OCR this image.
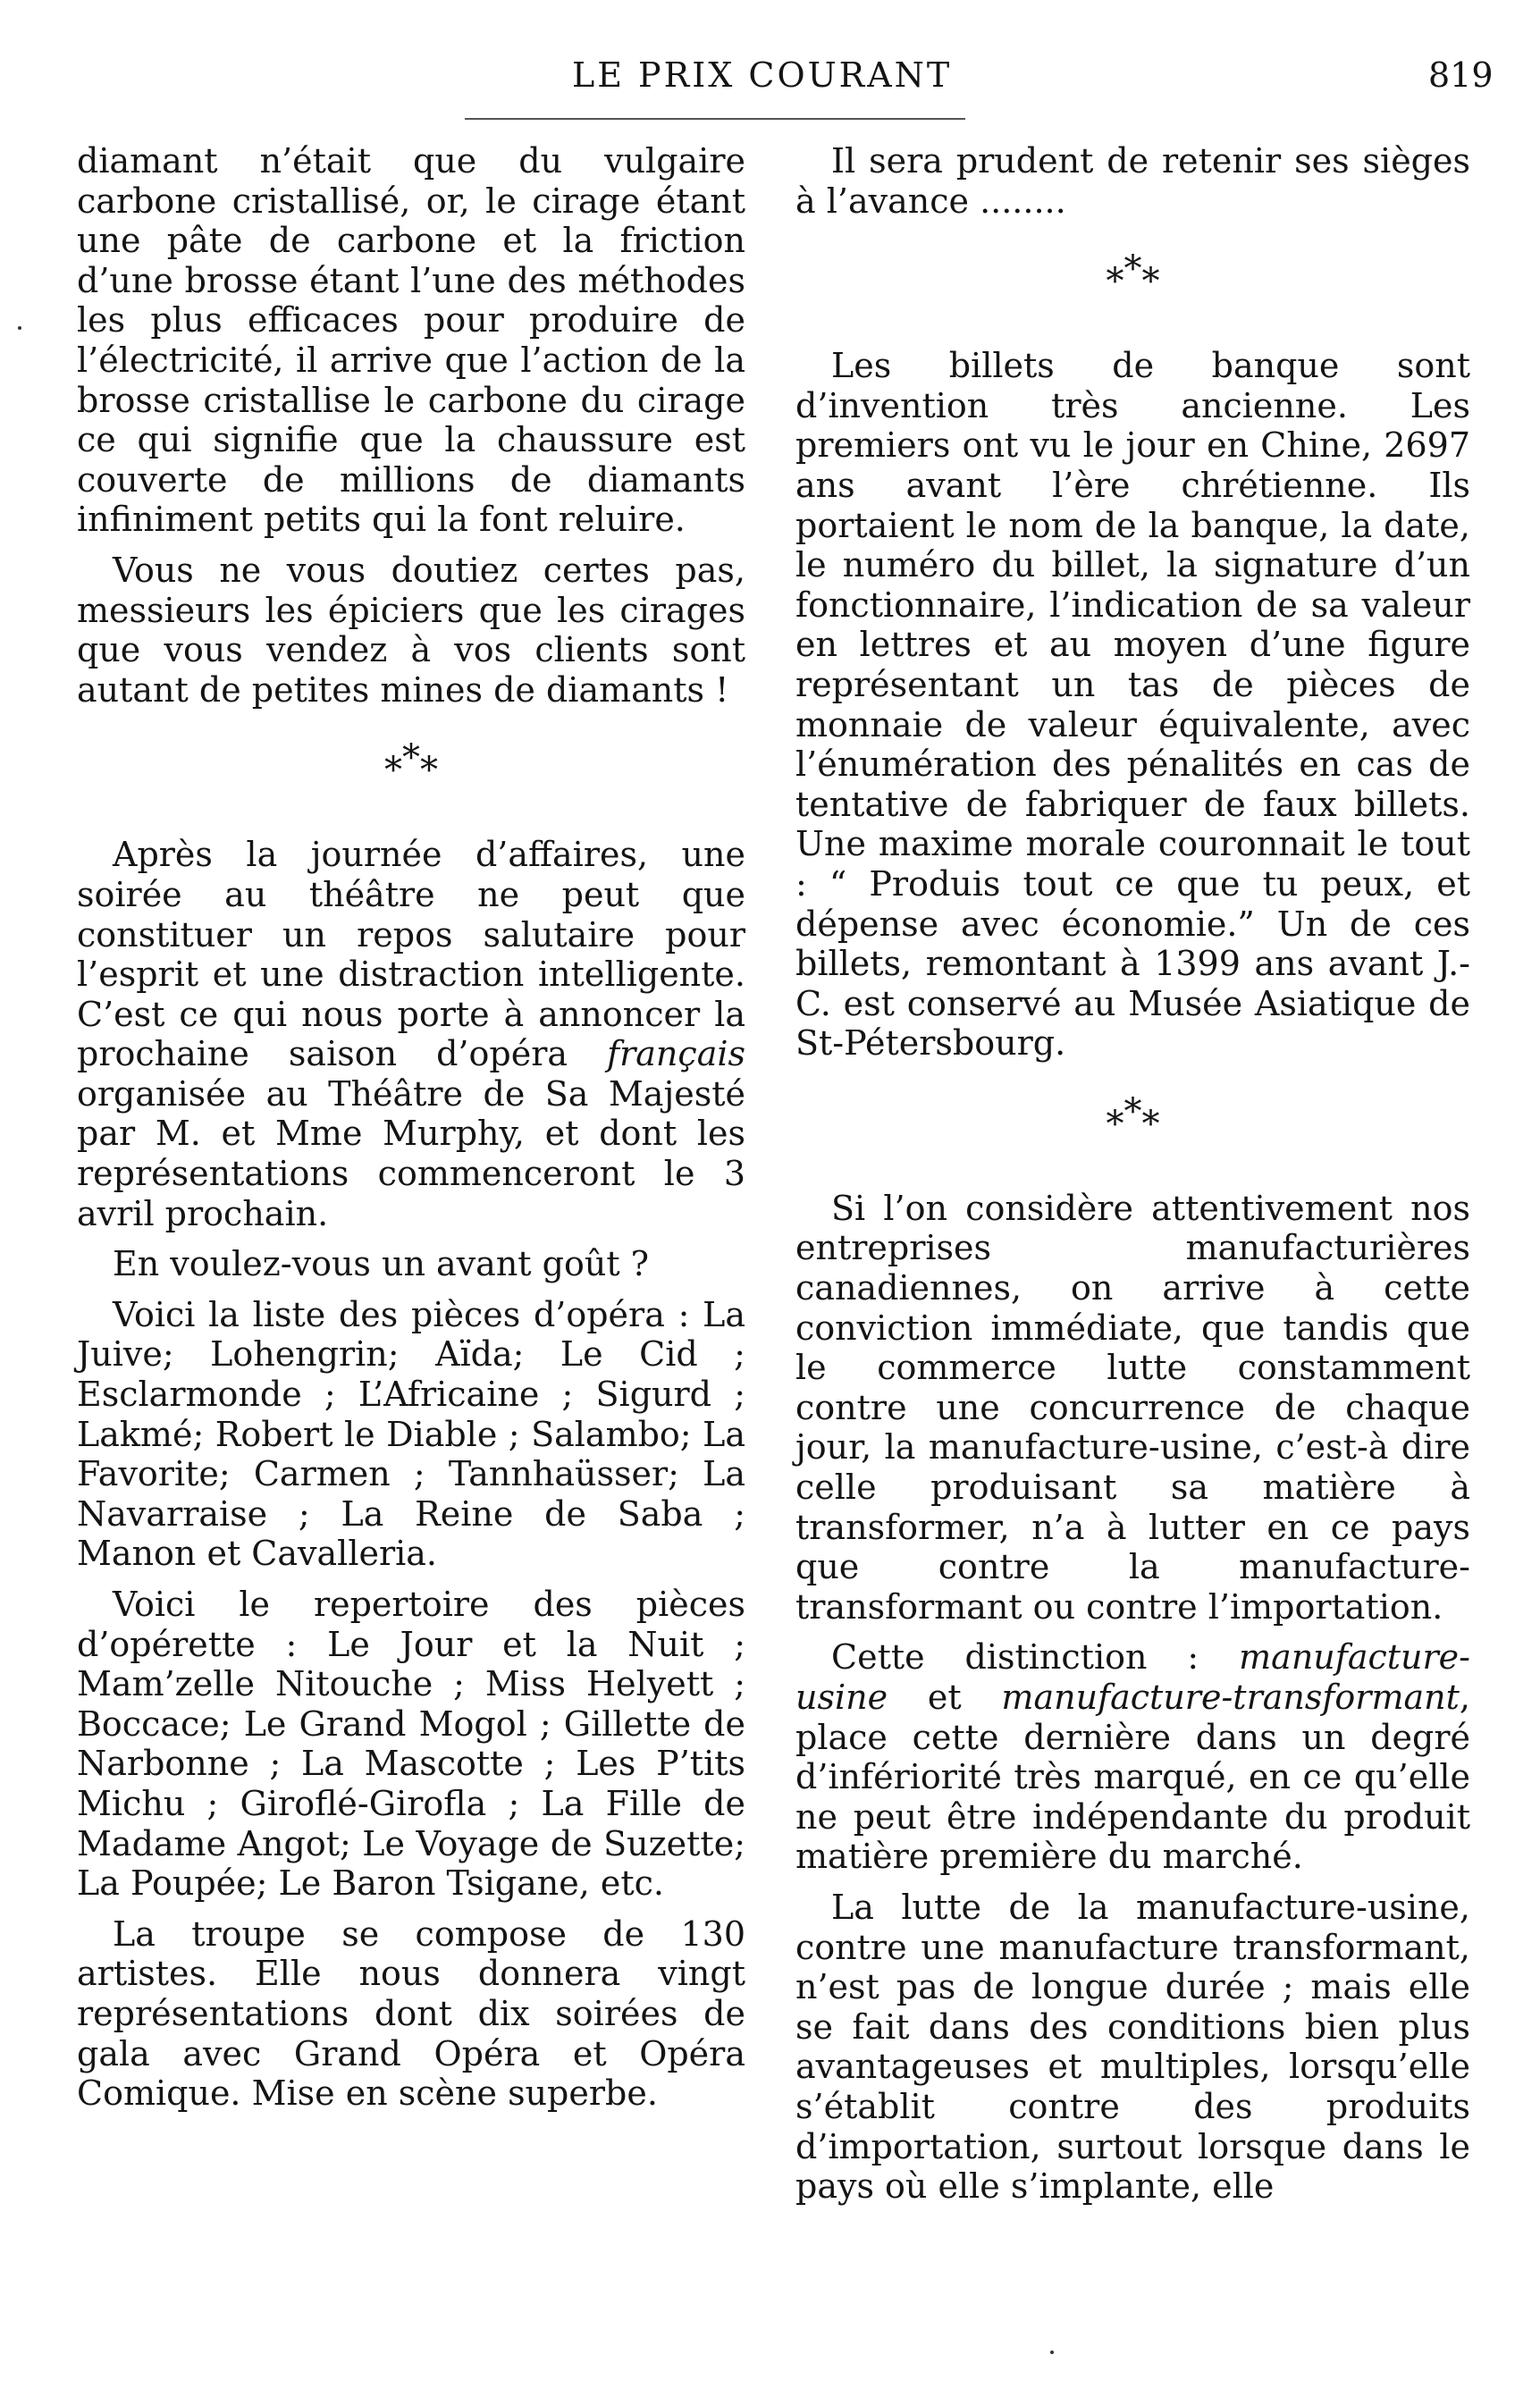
LE PRIX COURANT	819

diamant n’était que du vulgaire carbone cristallisé, or, le cirage étant une pâte de carbone et la friction d’une brosse étant l’une des méthodes les plus efficaces pour produire de l’électricité, il arrive que l’action de la brosse cristallise le carbone du cirage ce qui signifie que la chaussure est couverte de millions de diamants infiniment petits qui la font reluire.

Vous ne vous doutiez certes pas, messieurs les épiciers que les cirages que vous vendez à vos clients sont autant de petites mines de diamants !

***

Après la journée d’affaires, une soirée au théâtre ne peut que constituer un repos salutaire pour l’esprit et une distraction intelligente. C’est ce qui nous porte à annoncer la prochaine saison d’opéra français organisée au Théâtre de Sa Majesté par M. et Mme Murphy, et dont les représentations commenceront le 3 avril prochain.

En voulez-vous un avant goût ?

Voici la liste des pièces d’opéra : La Juive; Lohengrin; Aïda; Le Cid ; Esclarmonde ; L’Africaine ; Sigurd ; Lakmé; Robert le Diable ; Salambo; La Favorite; Carmen ; Tannhaüsser; La Navarraise ; La Reine de Saba ; Manon et Cavalleria.

Voici le repertoire des pièces d’opérette : Le Jour et la Nuit ; Mam’zelle Nitouche ; Miss Helyett ; Boccace; Le Grand Mogol ; Gillette de Narbonne ; La Mascotte ; Les P’tits Michu ; Giroflé-Girofla ; La Fille de Madame Angot; Le Voyage de Suzette; La Poupée; Le Baron Tsigane, etc.

La troupe se compose de 130 artistes. Elle nous donnera vingt représentations dont dix soirées de gala avec Grand Opéra et Opéra Comique. Mise en scène superbe.

Il sera prudent de retenir ses sièges à l’avance ........

***

Les billets de banque sont d’invention très ancienne. Les premiers ont vu le jour en Chine, 2697 ans avant l’ère chrétienne. Ils portaient le nom de la banque, la date, le numéro du billet, la signature d’un fonctionnaire, l’indication de sa valeur en lettres et au moyen d’une figure représentant un tas de pièces de monnaie de valeur équivalente, avec l’énumération des pénalités en cas de tentative de fabriquer de faux billets. Une maxime morale couronnait le tout : “ Produis tout ce que tu peux, et dépense avec économie.” Un de ces billets, remontant à 1399 ans avant J.-C. est conservé au Musée Asiatique de St-Pétersbourg.

***

Si l’on considère attentivement nos entreprises manufacturières canadiennes, on arrive à cette conviction immédiate, que tandis que le commerce lutte constamment contre une concurrence de chaque jour, la manufacture-usine, c’est-à dire celle produisant sa matière à transformer, n’a à lutter en ce pays que contre la manufacture-transformant ou contre l’importation.

Cette distinction : manufacture-usine et manufacture-transformant, place cette dernière dans un degré d’infériorité très marqué, en ce qu’elle ne peut être indépendante du produit matière première du marché.

La lutte de la manufacture-usine, contre une manufacture transformant, n’est pas de longue durée ; mais elle se fait dans des conditions bien plus avantageuses et multiples, lorsqu’elle s’établit contre des produits d’importation, surtout lorsque dans le pays où elle s’implante, elle
